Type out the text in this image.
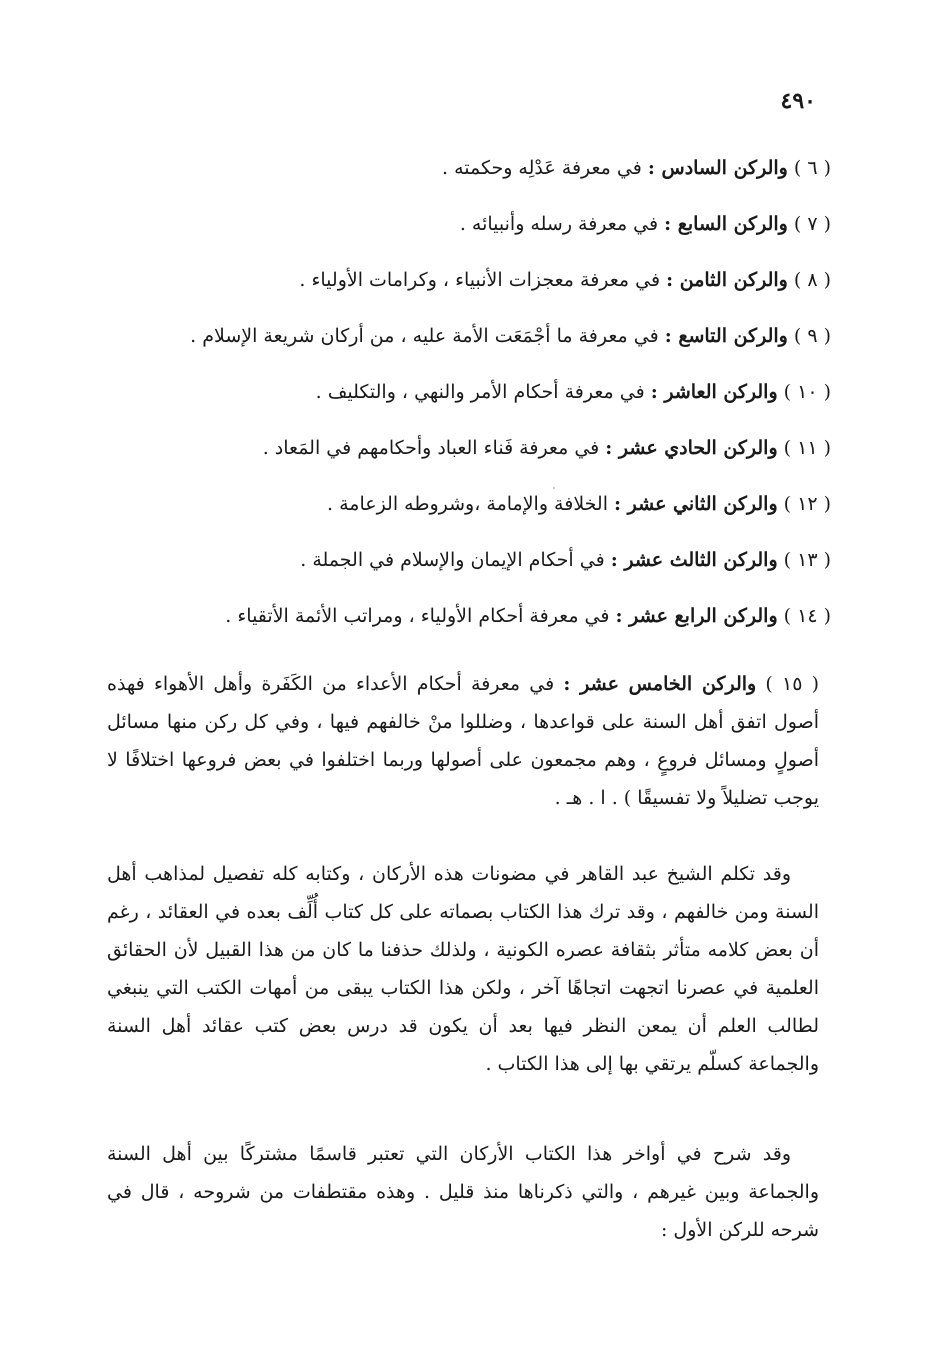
٤٩٠
( ٦ ) والركن السادس : في معرفة عَدْلِه وحكمته .
( ٧ ) والركن السابع : في معرفة رسله وأنبيائه .
( ٨ ) والركن الثامن : في معرفة معجزات الأنبياء ، وكرامات الأولياء .
( ٩ ) والركن التاسع : في معرفة ما أجْمَعَت الأمة عليه ، من أركان شريعة الإسلام .
( ١٠ ) والركن العاشر : في معرفة أحكام الأمر والنهي ، والتكليف .
( ١١ ) والركن الحادي عشر : في معرفة فَناء العباد وأحكامهم في المَعاد .
( ١٢ ) والركن الثاني عشر : الخلافة والإمامة ،وشروطه الزعامة .
( ١٣ ) والركن الثالث عشر : في أحكام الإيمان والإسلام في الجملة .
( ١٤ ) والركن الرابع عشر : في معرفة أحكام الأولياء ، ومراتب الأئمة الأتقياء .
( ١٥ ) والركن الخامس عشر : في معرفة أحكام الأعداء من الكَفَرة وأهل الأهواء فهذه أصول اتفق أهل السنة على قواعدها ، وضللوا منْ خالفهم فيها ، وفي كل ركن منها مسائل أصولٍ ومسائل فروعٍ ، وهم مجمعون على أصولها وربما اختلفوا في بعض فروعها اختلافًا لا يوجب تضليلاً ولا تفسيقًا ) . ا . هـ .
وقد تكلم الشيخ عبد القاهر في مضونات هذه الأركان ، وكتابه كله تفصيل لمذاهب أهل السنة ومن خالفهم ، وقد ترك هذا الكتاب بصماته على كل كتاب أُلِّف بعده في العقائد ، رغم أن بعض كلامه متأثر بثقافة عصره الكونية ، ولذلك حذفنا ما كان من هذا القبيل لأن الحقائق العلمية في عصرنا اتجهت اتجاهًا آخر ، ولكن هذا الكتاب يبقى من أمهات الكتب التي ينبغي لطالب العلم أن يمعن النظر فيها بعد أن يكون قد درس بعض كتب عقائد أهل السنة والجماعة كسلّم يرتقي بها إلى هذا الكتاب .
وقد شرح في أواخر هذا الكتاب الأركان التي تعتبر قاسمًا مشتركًا بين أهل السنة والجماعة وبين غيرهم ، والتي ذكرناها منذ قليل . وهذه مقتطفات من شروحه ، قال في شرحه للركن الأول :
